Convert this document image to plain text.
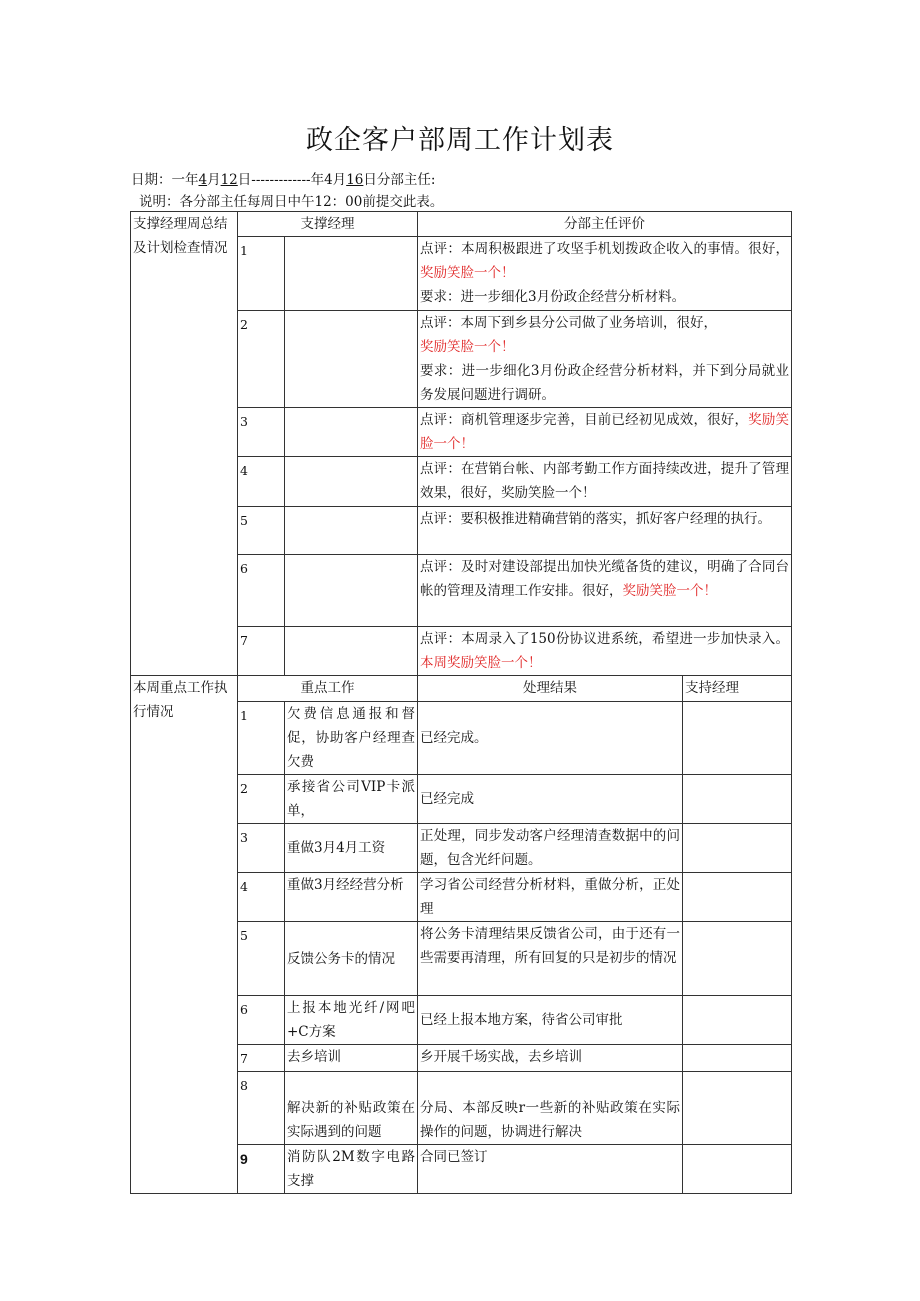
政企客户部周工作计划表
日期：一年4月12日-------------年4月16日分部主任:
说明：各分部主任每周日中午12：00前提交此表。
支撑经理周总结及计划检查情况	支撑经理		分部主任评价	
	1		点评：本周积极跟进了攻坚手机划拨政企收入的事情。很好，奖励笑脸一个！
要求：进一步细化3月份政企经营分析材料。	
	2		点评：本周下到乡县分公司做了业务培训，很好，
奖励笑脸一个！
要求：进一步细化3月份政企经营分析材料，并下到分局就业务发展问题进行调研。	
	3		点评：商机管理逐步完善，目前已经初见成效，很好，奖励笑脸一个！	
	4		点评：在营销台帐、内部考勤工作方面持续改进，提升了管理效果，很好，奖励笑脸一个！	
	5		点评：要积极推进精确营销的落实，抓好客户经理的执行。	
	6		点评：及时对建设部提出加快光缆备货的建议，明确了合同台帐的管理及清理工作安排。很好，奖励笑脸一个！	
	7		点评：本周录入了150份协议进系统，希望进一步加快录入。本周奖励笑脸一个！	
本周重点工作执行情况	重点工作		处理结果	支持经理
	1	欠费信息通报和督促，协助客户经理查欠费	已经完成。	
	2	承接省公司VIP卡派单，	已经完成	
	3	重做3月4月工资	正处理，同步发动客户经理清查数据中的问题，包含光纤问题。	
	4	重做3月经经营分析	学习省公司经营分析材料，重做分析，正处理	
	5	反馈公务卡的情况	将公务卡清理结果反馈省公司，由于还有一些需要再清理，所有回复的只是初步的情况	
	6	上报本地光纤/网吧+C方案	已经上报本地方案，待省公司审批	
	7	去乡培训	乡开展千场实战，去乡培训	
	8	解决新的补贴政策在实际遇到的问题	分局、本部反映r一些新的补贴政策在实际操作的问题，协调进行解决	
	9	消防队2M数字电路支撑	合同已签订	
